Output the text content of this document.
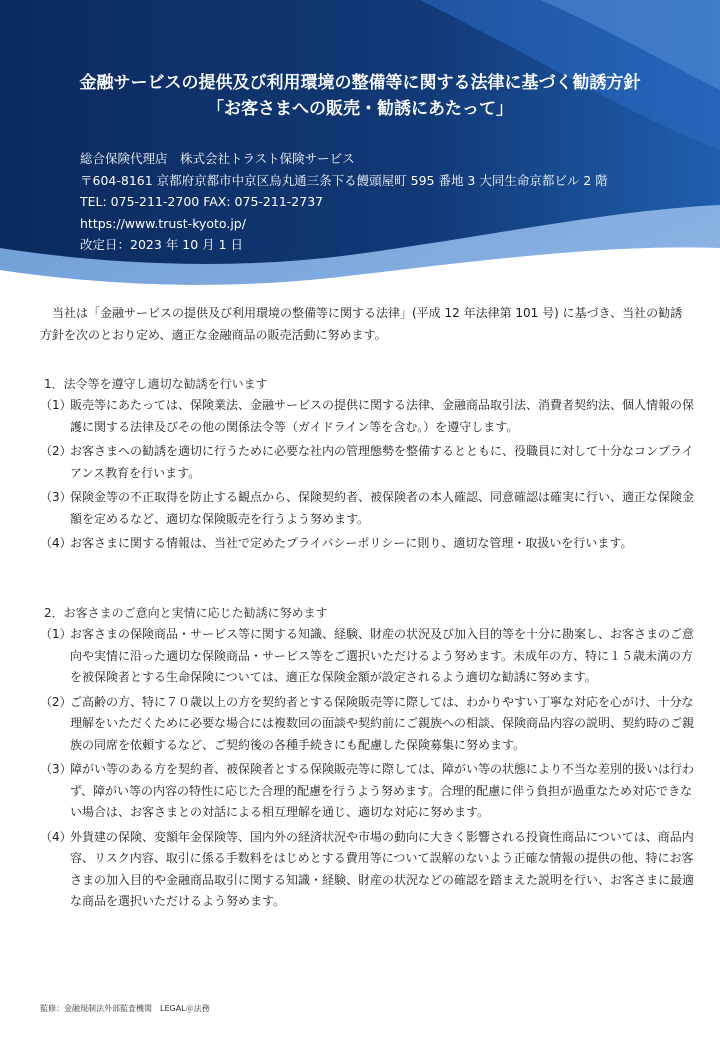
金融サービスの提供及び利用環境の整備等に関する法律に基づく勧誘方針
「お客さまへの販売・勧誘にあたって」
総合保険代理店　株式会社トラスト保険サービス
〒604-8161 京都府京都市中京区烏丸通三条下る饅頭屋町 595 番地 3 大同生命京都ビル 2 階
TEL: 075-211-2700 FAX: 075-211-2737
https://www.trust-kyoto.jp/
改定日：2023 年 10 月 1 日
当社は「金融サービスの提供及び利用環境の整備等に関する法律」(平成 12 年法律第 101 号) に基づき、当社の勧誘方針を次のとおり定め、適正な金融商品の販売活動に努めます。
1．法令等を遵守し適切な勧誘を行います
（1）販売等にあたっては、保険業法、金融サービスの提供に関する法律、金融商品取引法、消費者契約法、個人情報の保護に関する法律及びその他の関係法令等（ガイドライン等を含む。）を遵守します。
（2）お客さまへの勧誘を適切に行うために必要な社内の管理態勢を整備するとともに、役職員に対して十分なコンプライアンス教育を行います。
（3）保険金等の不正取得を防止する観点から、保険契約者、被保険者の本人確認、同意確認は確実に行い、適正な保険金額を定めるなど、適切な保険販売を行うよう努めます。
（4）お客さまに関する情報は、当社で定めたプライバシーポリシーに則り、適切な管理・取扱いを行います。
2．お客さまのご意向と実情に応じた勧誘に努めます
（1）お客さまの保険商品・サービス等に関する知識、経験、財産の状況及び加入目的等を十分に勘案し、お客さまのご意向や実情に沿った適切な保険商品・サービス等をご選択いただけるよう努めます。未成年の方、特に１５歳未満の方を被保険者とする生命保険については、適正な保険金額が設定されるよう適切な勧誘に努めます。
（2）ご高齢の方、特に７０歳以上の方を契約者とする保険販売等に際しては、わかりやすい丁寧な対応を心がけ、十分な理解をいただくために必要な場合には複数回の面談や契約前にご親族への相談、保険商品内容の説明、契約時のご親族の同席を依頼するなど、ご契約後の各種手続きにも配慮した保険募集に努めます。
（3）障がい等のある方を契約者、被保険者とする保険販売等に際しては、障がい等の状態により不当な差別的扱いは行わず、障がい等の内容の特性に応じた合理的配慮を行うよう努めます。合理的配慮に伴う負担が過重なため対応できない場合は、お客さまとの対話による相互理解を通じ、適切な対応に努めます。
（4）外貨建の保険、変額年金保険等、国内外の経済状況や市場の動向に大きく影響される投資性商品については、商品内容、リスク内容、取引に係る手数料をはじめとする費用等について誤解のないよう正確な情報の提供の他、特にお客さまの加入目的や金融商品取引に関する知識・経験、財産の状況などの確認を踏まえた説明を行い、お客さまに最適な商品を選択いただけるよう努めます。
監修：金融規制法外部監査機関　LEGAL＠法務
